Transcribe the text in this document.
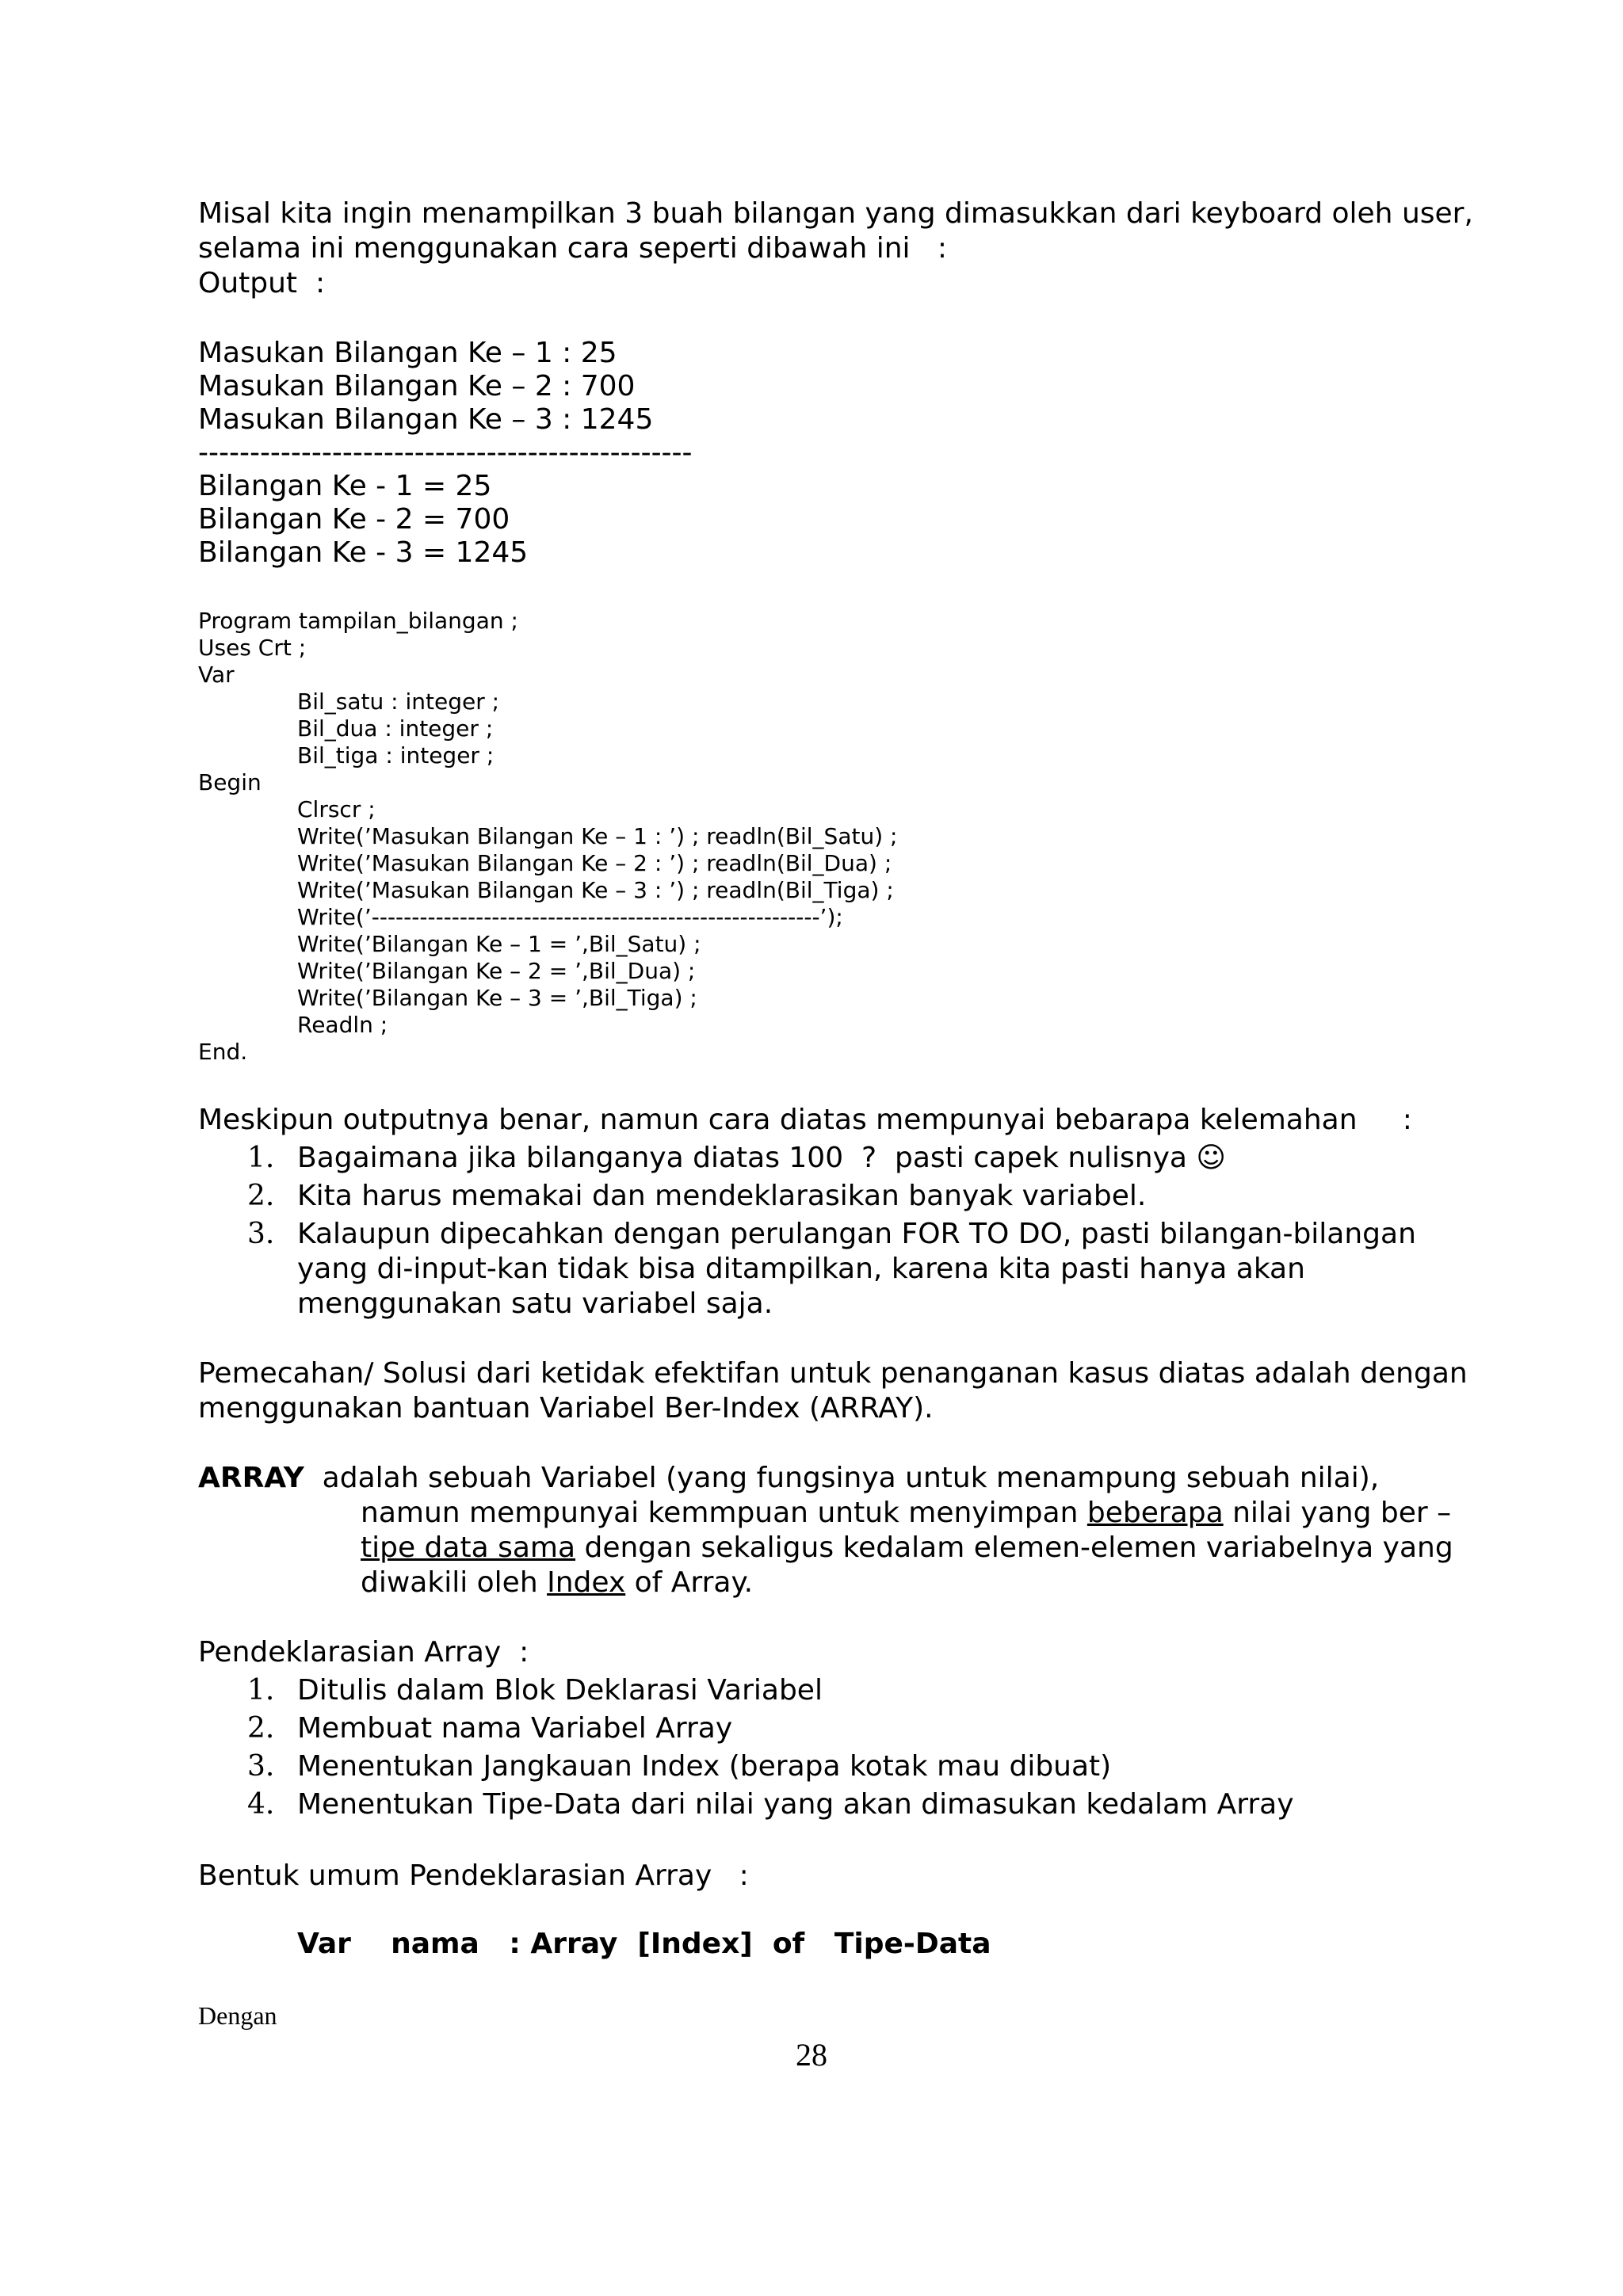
Misal kita ingin menampilkan 3 buah bilangan yang dimasukkan dari keyboard oleh user,
selama ini menggunakan cara seperti dibawah ini   :
Output  :
Masukan Bilangan Ke – 1 : 25
Masukan Bilangan Ke – 2 : 700
Masukan Bilangan Ke – 3 : 1245
------------------------------------------------
Bilangan Ke - 1 = 25
Bilangan Ke - 2 = 700
Bilangan Ke - 3 = 1245
Program tampilan_bilangan ;
Uses Crt ;
Var
Bil_satu : integer ;
Bil_dua : integer ;
Bil_tiga : integer ;
Begin
Clrscr ;
Write(’Masukan Bilangan Ke – 1 : ’) ; readln(Bil_Satu) ;
Write(’Masukan Bilangan Ke – 2 : ’) ; readln(Bil_Dua) ;
Write(’Masukan Bilangan Ke – 3 : ’) ; readln(Bil_Tiga) ;
Write(’--------------------------------------------------------’);
Write(’Bilangan Ke – 1 = ’,Bil_Satu) ;
Write(’Bilangan Ke – 2 = ’,Bil_Dua) ;
Write(’Bilangan Ke – 3 = ’,Bil_Tiga) ;
Readln ;
End.
Meskipun outputnya benar, namun cara diatas mempunyai bebarapa kelemahan     :
1. Bagaimana jika bilanganya diatas 100  ?  pasti capek nulisnya ☺
2. Kita harus memakai dan mendeklarasikan banyak variabel.
3. Kalaupun dipecahkan dengan perulangan FOR TO DO, pasti bilangan-bilangan
yang di-input-kan tidak bisa ditampilkan, karena kita pasti hanya akan
menggunakan satu variabel saja.
Pemecahan/ Solusi dari ketidak efektifan untuk penanganan kasus diatas adalah dengan
menggunakan bantuan Variabel Ber-Index (ARRAY).
ARRAY  adalah sebuah Variabel (yang fungsinya untuk menampung sebuah nilai),
namun mempunyai kemmpuan untuk menyimpan beberapa nilai yang ber –
tipe data sama dengan sekaligus kedalam elemen-elemen variabelnya yang
diwakili oleh Index of Array.
Pendeklarasian Array  :
1. Ditulis dalam Blok Deklarasi Variabel
2. Membuat nama Variabel Array
3. Menentukan Jangkauan Index (berapa kotak mau dibuat)
4. Menentukan Tipe-Data dari nilai yang akan dimasukan kedalam Array
Bentuk umum Pendeklarasian Array   :
Var    nama   : Array  [Index]  of   Tipe-Data
Dengan
28
